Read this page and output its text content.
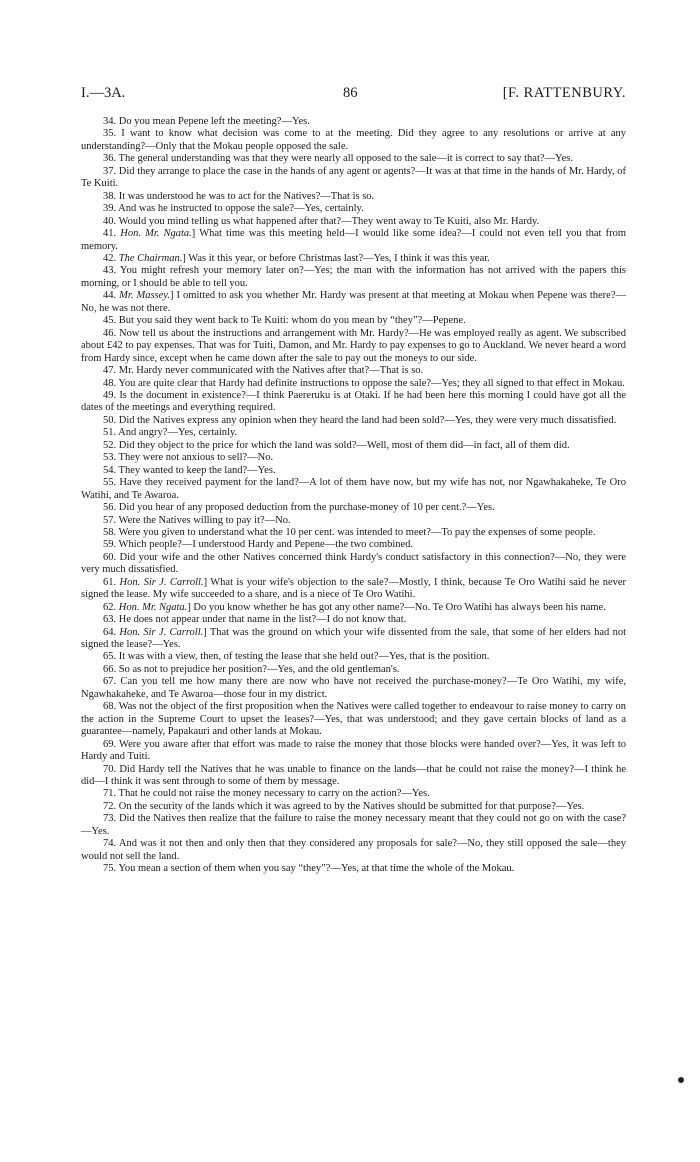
I.—3A.	86	[F. RATTENBURY.

34. Do you mean Pepene left the meeting?—Yes.

35. I want to know what decision was come to at the meeting. Did they agree to any resolutions or arrive at any understanding?—Only that the Mokau people opposed the sale.

36. The general understanding was that they were nearly all opposed to the sale—it is correct to say that?—Yes.

37. Did they arrange to place the case in the hands of any agent or agents?—It was at that time in the hands of Mr. Hardy, of Te Kuiti.

38. It was understood he was to act for the Natives?—That is so.

39. And was he instructed to oppose the sale?—Yes, certainly.

40. Would you mind telling us what happened after that?—They went away to Te Kuiti, also Mr. Hardy.

41. Hon. Mr. Ngata.] What time was this meeting held—I would like some idea?—I could not even tell you that from memory.

42. The Chairman.] Was it this year, or before Christmas last?—Yes, I think it was this year.

43. You might refresh your memory later on?—Yes; the man with the information has not arrived with the papers this morning, or I should be able to tell you.

44. Mr. Massey.] I omitted to ask you whether Mr. Hardy was present at that meeting at Mokau when Pepene was there?—No, he was not there.

45. But you said they went back to Te Kuiti: whom do you mean by “they”?—Pepene.

46. Now tell us about the instructions and arrangement with Mr. Hardy?—He was employed really as agent. We subscribed about £42 to pay expenses. That was for Tuiti, Damon, and Mr. Hardy to pay expenses to go to Auckland. We never heard a word from Hardy since, except when he came down after the sale to pay out the moneys to our side.

47. Mr. Hardy never communicated with the Natives after that?—That is so.

48. You are quite clear that Hardy had definite instructions to oppose the sale?—Yes; they all signed to that effect in Mokau.

49. Is the document in existence?—I think Paereruku is at Otaki. If he had been here this morning I could have got all the dates of the meetings and everything required.

50. Did the Natives express any opinion when they heard the land had been sold?—Yes, they were very much dissatisfied.

51. And angry?—Yes, certainly.

52. Did they object to the price for which the land was sold?—Well, most of them did—in fact, all of them did.

53. They were not anxious to sell?—No.

54. They wanted to keep the land?—Yes.

55. Have they received payment for the land?—A lot of them have now, but my wife has not, nor Ngawhakaheke, Te Oro Watihi, and Te Awaroa.

56. Did you hear of any proposed deduction from the purchase-money of 10 per cent.?—Yes.

57. Were the Natives willing to pay it?—No.

58. Were you given to understand what the 10 per cent. was intended to meet?—To pay the expenses of some people.

59. Which people?—I understood Hardy and Pepene—the two combined.

60. Did your wife and the other Natives concerned think Hardy's conduct satisfactory in this connection?—No, they were very much dissatisfied.

61. Hon. Sir J. Carroll.] What is your wife's objection to the sale?—Mostly, I think, because Te Oro Watihi said he never signed the lease. My wife succeeded to a share, and is a niece of Te Oro Watihi.

62. Hon. Mr. Ngata.] Do you know whether he has got any other name?—No. Te Oro Watihi has always been his name.

63. He does not appear under that name in the list?—I do not know that.

64. Hon. Sir J. Carroll.] That was the ground on which your wife dissented from the sale, that some of her elders had not signed the lease?—Yes.

65. It was with a view, then, of testing the lease that she held out?—Yes, that is the position.

66. So as not to prejudice her position?—Yes, and the old gentleman's.

67. Can you tell me how many there are now who have not received the purchase-money?—Te Oro Watihi, my wife, Ngawhakaheke, and Te Awaroa—those four in my district.

68. Was not the object of the first proposition when the Natives were called together to endeavour to raise money to carry on the action in the Supreme Court to upset the leases?—Yes, that was understood; and they gave certain blocks of land as a guarantee—namely, Papakauri and other lands at Mokau.

69. Were you aware after that effort was made to raise the money that those blocks were handed over?—Yes, it was left to Hardy and Tuiti.

70. Did Hardy tell the Natives that he was unable to finance on the lands—that he could not raise the money?—I think he did—I think it was sent through to some of them by message.

71. That he could not raise the money necessary to carry on the action?—Yes.

72. On the security of the lands which it was agreed to by the Natives should be submitted for that purpose?—Yes.

73. Did the Natives then realize that the failure to raise the money necessary meant that they could not go on with the case?—Yes.

74. And was it not then and only then that they considered any proposals for sale?—No, they still opposed the sale—they would not sell the land.

75. You mean a section of them when you say “they”?—Yes, at that time the whole of the Mokau.
